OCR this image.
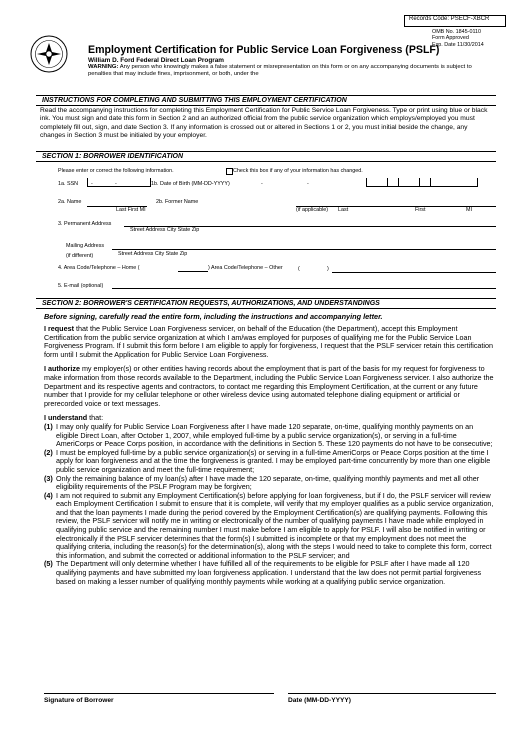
Records Code: PSECF-XBCR
OMB No. 1845-0110
Form Approved
Exp. Date 11/30/2014
Employment Certification for Public Service Loan Forgiveness (PSLF)
William D. Ford Federal Direct Loan Program
WARNING: Any person who knowingly makes a false statement or misrepresentation on this form or on any accompanying documents is subject to penalties that may include fines, imprisonment, or both, under the
INSTRUCTIONS FOR COMPLETING AND SUBMITTING THIS EMPLOYMENT CERTIFICATION
Read the accompanying instructions for completing this Employment Certification for Public Service Loan Forgiveness. Type or print using blue or black ink. You must sign and date this form in Section 2 and an authorized official from the public service organization which employs/employed you must completely fill out, sign, and date Section 3. If any information is crossed out or altered in Sections 1 or 2, you must initial beside the change, any changes in Section 3 must be initialed by your employer.
SECTION 1: BORROWER IDENTIFICATION
Please enter or correct the following information.	Check this box if any of your information has changed.
1a. SSN -	-	1b. Date of Birth (MM-DD-YYYY)	-	-
2a. Name
Last First MI
2b. Former Name
(if applicable) Last	First	MI
3. Permanent Address
Street Address City State Zip
Mailing Address
(if different)	Street Address City State Zip
4. Area Code/Telephone – Home (	) Area Code/Telephone – Other	(	)
5. E-mail (optional)
SECTION 2: BORROWER'S CERTIFICATION REQUESTS, AUTHORIZATIONS, AND UNDERSTANDINGS
Before signing, carefully read the entire form, including the instructions and accompanying letter.
I request that the Public Service Loan Forgiveness servicer, on behalf of the Education (the Department), accept this Employment Certification from the public service organization at which I am/was employed for purposes of qualifying me for the Public Service Loan Forgiveness Program. If I submit this form before I am eligible to apply for forgiveness, I request that the PSLF servicer retain this certification form until I submit the Application for Public Service Loan Forgiveness.
I authorize my employer(s) or other entities having records about the employment that is part of the basis for my request for forgiveness to make information from those records available to the Department, including the Public Service Loan Forgiveness servicer. I also authorize the Department and its respective agents and contractors, to contact me regarding this Employment Certification, at the current or any future number that I provide for my cellular telephone or other wireless device using automated telephone dialing equipment or artificial or prerecorded voice or text messages.
I understand that:
(1) I may only qualify for Public Service Loan Forgiveness after I have made 120 separate, on-time, qualifying monthly payments on an eligible Direct Loan, after October 1, 2007, while employed full-time by a public service organization(s), or serving in a full-time AmeriCorps or Peace Corps position, in accordance with the definitions in Section 5. These 120 payments do not have to be consecutive;
(2) I must be employed full-time by a public service organization(s) or serving in a full-time AmeriCorps or Peace Corps position at the time I apply for loan forgiveness and at the time the forgiveness is granted. I may be employed part-time concurrently by more than one eligible public service organization and meet the full-time requirement;
(3) Only the remaining balance of my loan(s) after I have made the 120 separate, on-time, qualifying monthly payments and met all other eligibility requirements of the PSLF Program may be forgiven;
(4) I am not required to submit any Employment Certification(s) before applying for loan forgiveness, but if I do, the PSLF servicer will review each Employment Certification I submit to ensure that it is complete, will verify that my employer qualifies as a public service organization, and that the loan payments I made during the period covered by the Employment Certification(s) are qualifying payments. Following this review, the PSLF servicer will notify me in writing or electronically of the number of qualifying payments I have made while employed in qualifying public service and the remaining number I must make before I am eligible to apply for PSLF. I will also be notified in writing or electronically if the PSLF servicer determines that the form(s) I submitted is incomplete or that my employment does not meet the qualifying criteria, including the reason(s) for the determination(s), along with the steps I would need to take to complete this form, correct this information, and submit the corrected or additional information to the PSLF servicer; and
(5) The Department will only determine whether I have fulfilled all of the requirements to be eligible for PSLF after I have made all 120 qualifying payments and have submitted my loan forgiveness application. I understand that the law does not permit partial forgiveness based on making a lesser number of qualifying monthly payments while working at a qualifying public service organization.
Signature of Borrower	Date (MM-DD-YYYY)
